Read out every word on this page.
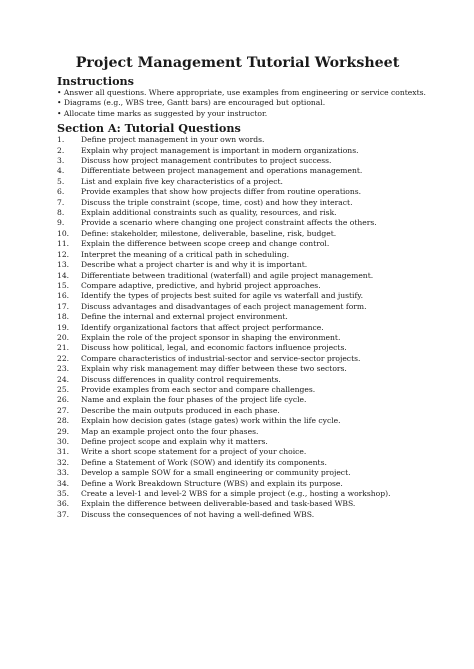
Project Management Tutorial Worksheet
Instructions
• Answer all questions. Where appropriate, use examples from engineering or service contexts.
• Diagrams (e.g., WBS tree, Gantt bars) are encouraged but optional.
• Allocate time marks as suggested by your instructor.
Section A: Tutorial Questions
1.	Define project management in your own words.
2.	Explain why project management is important in modern organizations.
3.	Discuss how project management contributes to project success.
4.	Differentiate between project management and operations management.
5.	List and explain five key characteristics of a project.
6.	Provide examples that show how projects differ from routine operations.
7.	Discuss the triple constraint (scope, time, cost) and how they interact.
8.	Explain additional constraints such as quality, resources, and risk.
9.	Provide a scenario where changing one project constraint affects the others.
10.	Define: stakeholder, milestone, deliverable, baseline, risk, budget.
11.	Explain the difference between scope creep and change control.
12.	Interpret the meaning of a critical path in scheduling.
13.	Describe what a project charter is and why it is important.
14.	Differentiate between traditional (waterfall) and agile project management.
15.	Compare adaptive, predictive, and hybrid project approaches.
16.	Identify the types of projects best suited for agile vs waterfall and justify.
17.	Discuss advantages and disadvantages of each project management form.
18.	Define the internal and external project environment.
19.	Identify organizational factors that affect project performance.
20.	Explain the role of the project sponsor in shaping the environment.
21.	Discuss how political, legal, and economic factors influence projects.
22.	Compare characteristics of industrial-sector and service-sector projects.
23.	Explain why risk management may differ between these two sectors.
24.	Discuss differences in quality control requirements.
25.	Provide examples from each sector and compare challenges.
26.	Name and explain the four phases of the project life cycle.
27.	Describe the main outputs produced in each phase.
28.	Explain how decision gates (stage gates) work within the life cycle.
29.	Map an example project onto the four phases.
30.	Define project scope and explain why it matters.
31.	Write a short scope statement for a project of your choice.
32.	Define a Statement of Work (SOW) and identify its components.
33.	Develop a sample SOW for a small engineering or community project.
34.	Define a Work Breakdown Structure (WBS) and explain its purpose.
35.	Create a level-1 and level-2 WBS for a simple project (e.g., hosting a workshop).
36.	Explain the difference between deliverable-based and task-based WBS.
37.	Discuss the consequences of not having a well-defined WBS.
